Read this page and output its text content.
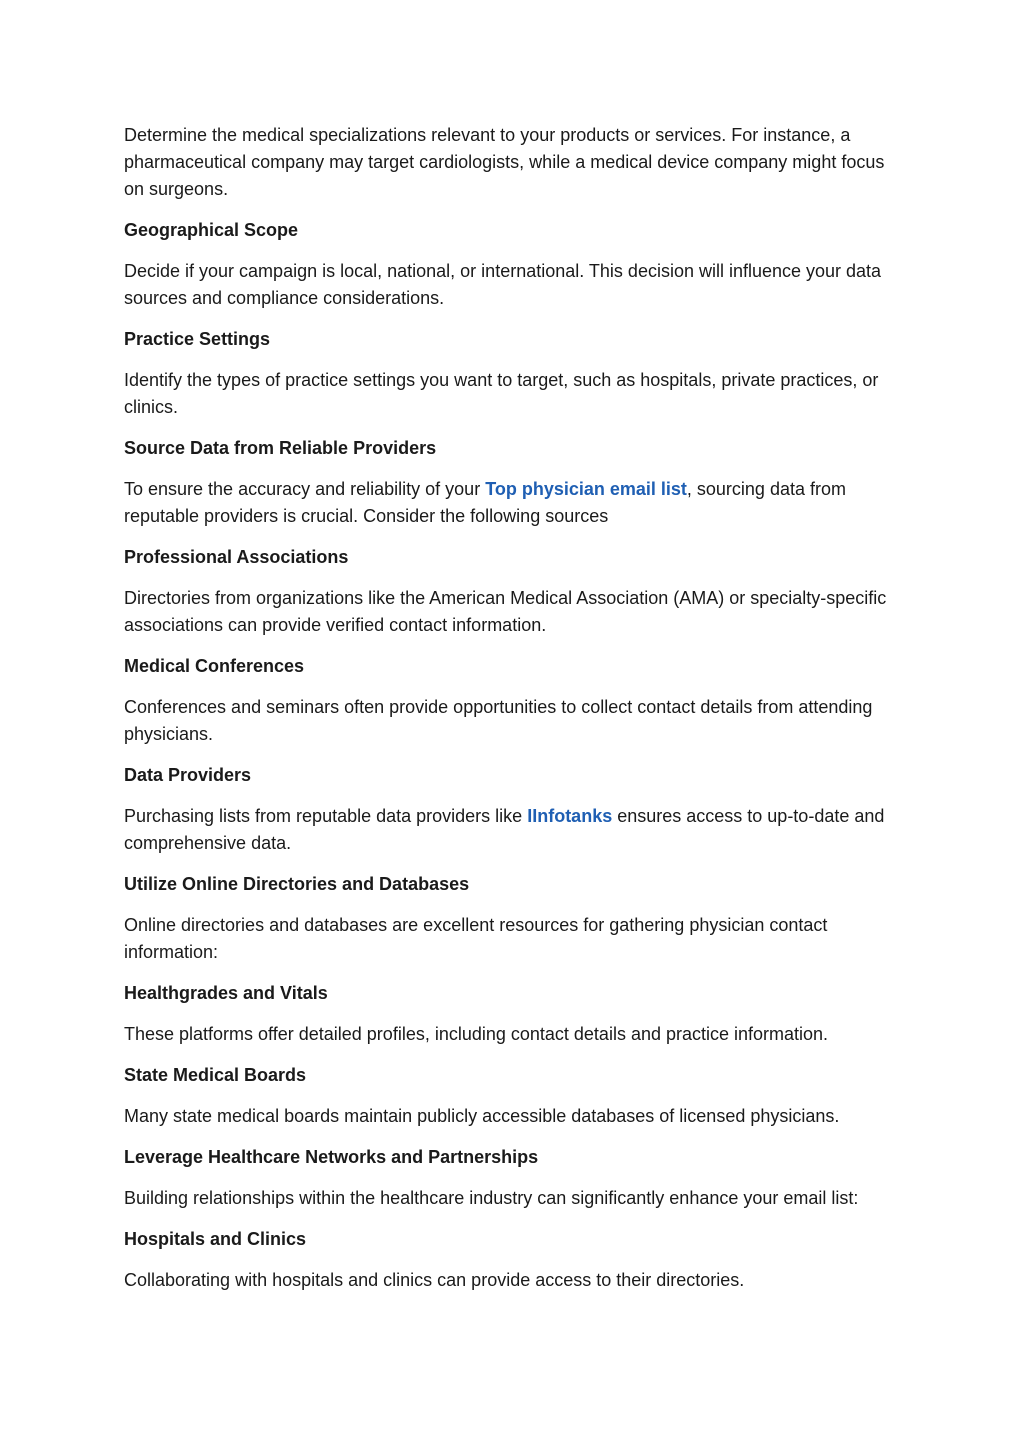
Determine the medical specializations relevant to your products or services. For instance, a pharmaceutical company may target cardiologists, while a medical device company might focus on surgeons.

Geographical Scope

Decide if your campaign is local, national, or international. This decision will influence your data sources and compliance considerations.

Practice Settings

Identify the types of practice settings you want to target, such as hospitals, private practices, or clinics.

Source Data from Reliable Providers

To ensure the accuracy and reliability of your Top physician email list, sourcing data from reputable providers is crucial. Consider the following sources

Professional Associations

Directories from organizations like the American Medical Association (AMA) or specialty-specific associations can provide verified contact information.

Medical Conferences

Conferences and seminars often provide opportunities to collect contact details from attending physicians.

Data Providers

Purchasing lists from reputable data providers like IInfotanks ensures access to up-to-date and comprehensive data.

Utilize Online Directories and Databases

Online directories and databases are excellent resources for gathering physician contact information:

Healthgrades and Vitals

These platforms offer detailed profiles, including contact details and practice information.

State Medical Boards

Many state medical boards maintain publicly accessible databases of licensed physicians.

Leverage Healthcare Networks and Partnerships

Building relationships within the healthcare industry can significantly enhance your email list:

Hospitals and Clinics

Collaborating with hospitals and clinics can provide access to their directories.
